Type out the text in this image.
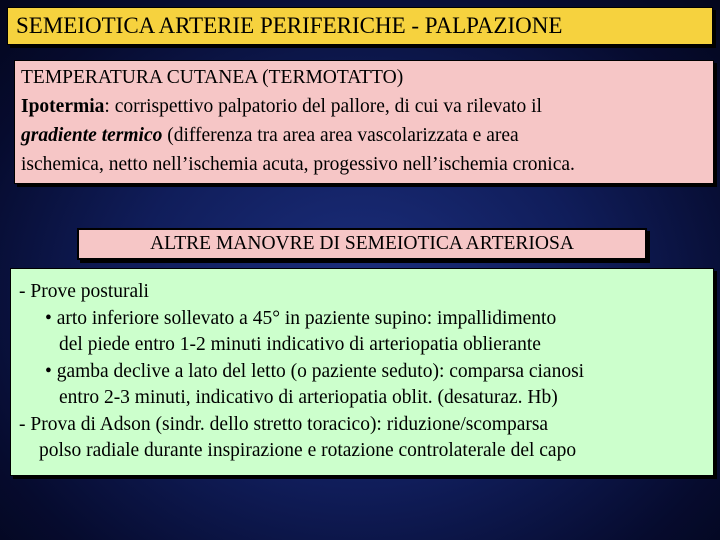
SEMEIOTICA ARTERIE PERIFERICHE - PALPAZIONE
TEMPERATURA CUTANEA (TERMOTATTO)
Ipotermia: corrispettivo palpatorio del pallore, di cui va rilevato il
gradiente termico (differenza tra area area vascolarizzata e area
ischemica, netto nell’ischemia acuta, progessivo nell’ischemia cronica.
ALTRE MANOVRE DI SEMEIOTICA ARTERIOSA
- Prove posturali
• arto inferiore sollevato a 45° in paziente supino: impallidimento
del piede entro 1-2 minuti indicativo di arteriopatia oblierante
• gamba declive a lato del letto (o paziente seduto): comparsa cianosi
entro 2-3 minuti, indicativo di arteriopatia oblit. (desaturaz. Hb)
- Prova di Adson (sindr. dello stretto toracico): riduzione/scomparsa
polso radiale durante inspirazione e rotazione controlaterale del capo
